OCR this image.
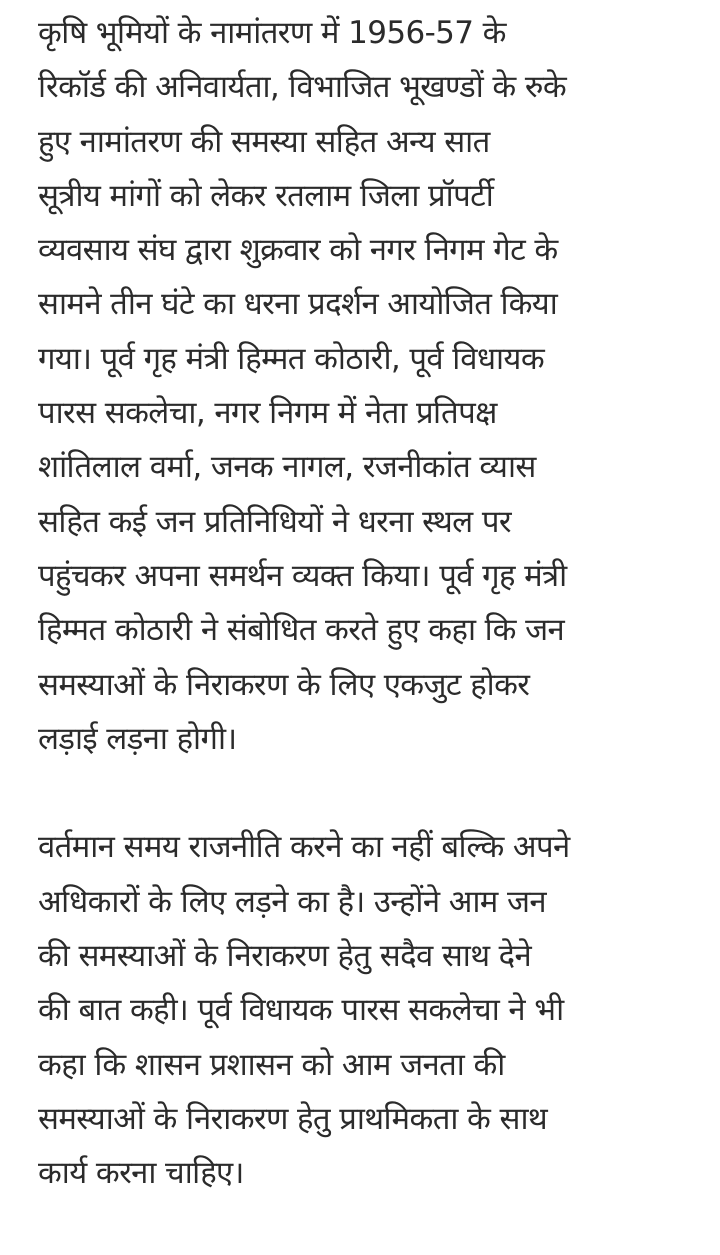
कृषि भूमियों के नामांतरण में 1956-57 के
रिकॉर्ड की अनिवार्यता, विभाजित भूखण्डों के रुके
हुए नामांतरण की समस्या सहित अन्य सात
सूत्रीय मांगों को लेकर रतलाम जिला प्रॉपर्टी
व्यवसाय संघ द्वारा शुक्रवार को नगर निगम गेट के
सामने तीन घंटे का धरना प्रदर्शन आयोजित किया
गया। पूर्व गृह मंत्री हिम्मत कोठारी, पूर्व विधायक
पारस सकलेचा, नगर निगम में नेता प्रतिपक्ष
शांतिलाल वर्मा, जनक नागल, रजनीकांत व्यास
सहित कई जन प्रतिनिधियों ने धरना स्थल पर
पहुंचकर अपना समर्थन व्यक्त किया। पूर्व गृह मंत्री
हिम्मत कोठारी ने संबोधित करते हुए कहा कि जन
समस्याओं के निराकरण के लिए एकजुट होकर
लड़ाई लड़ना होगी।
वर्तमान समय राजनीति करने का नहीं बल्कि अपने
अधिकारों के लिए लड़ने का है। उन्होंने आम जन
की समस्याओं के निराकरण हेतु सदैव साथ देने
की बात कही। पूर्व विधायक पारस सकलेचा ने भी
कहा कि शासन प्रशासन को आम जनता की
समस्याओं के निराकरण हेतु प्राथमिकता के साथ
कार्य करना चाहिए।
